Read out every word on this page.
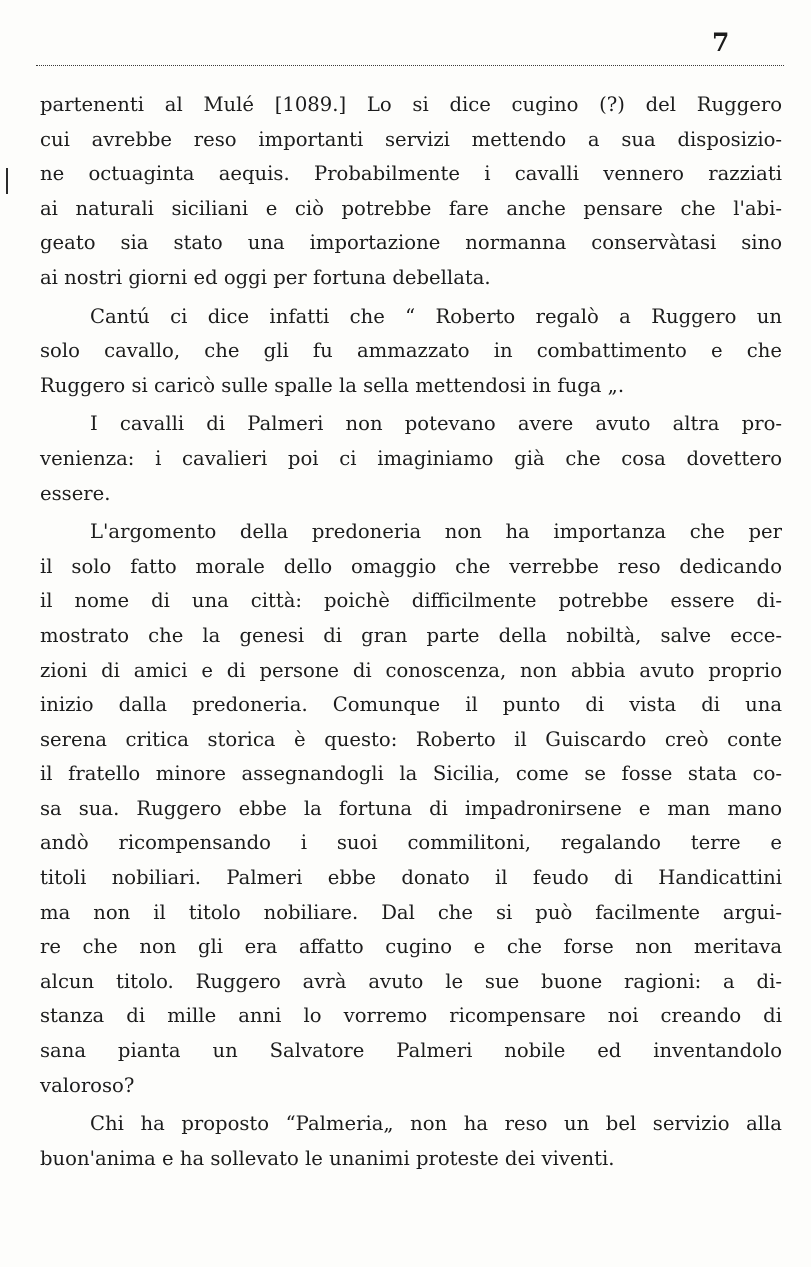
7
partenenti al Mulé [1089.] Lo si dice cugino (?) del Ruggero
cui avrebbe reso importanti servizi mettendo a sua disposizio-
ne octuaginta aequis. Probabilmente i cavalli vennero razziati
ai naturali siciliani e ciò potrebbe fare anche pensare che l'abi-
geato sia stato una importazione normanna conservàtasi sino
ai nostri giorni ed oggi per fortuna debellata.
Cantú ci dice infatti che “ Roberto regalò a Ruggero un
solo cavallo, che gli fu ammazzato in combattimento e che
Ruggero si caricò sulle spalle la sella mettendosi in fuga „.
I cavalli di Palmeri non potevano avere avuto altra pro-
venienza: i cavalieri poi ci imaginiamo già che cosa dovettero
essere.
L'argomento della predoneria non ha importanza che per
il solo fatto morale dello omaggio che verrebbe reso dedicando
il nome di una città: poichè difficilmente potrebbe essere di-
mostrato che la genesi di gran parte della nobiltà, salve ecce-
zioni di amici e di persone di conoscenza, non abbia avuto proprio
inizio dalla predoneria. Comunque il punto di vista di una
serena critica storica è questo: Roberto il Guiscardo creò conte
il fratello minore assegnandogli la Sicilia, come se fosse stata co-
sa sua. Ruggero ebbe la fortuna di impadronirsene e man mano
andò ricompensando i suoi commilitoni, regalando terre e
titoli nobiliari. Palmeri ebbe donato il feudo di Handicattini
ma non il titolo nobiliare. Dal che si può facilmente argui-
re che non gli era affatto cugino e che forse non meritava
alcun titolo. Ruggero avrà avuto le sue buone ragioni: a di-
stanza di mille anni lo vorremo ricompensare noi creando di
sana pianta un Salvatore Palmeri nobile ed inventandolo
valoroso?
Chi ha proposto “Palmeria„ non ha reso un bel servizio alla
buon'anima e ha sollevato le unanimi proteste dei viventi.
